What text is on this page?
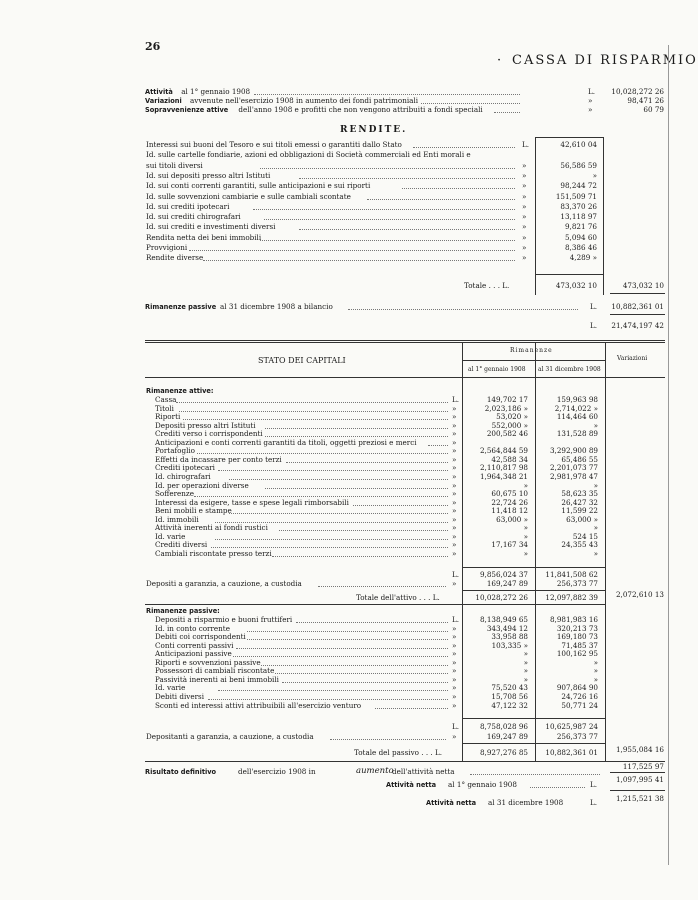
26
CASSA DI RISPARMIO
·
Attività al 1° gennaio 1908	L. 10,028,272 26
Variazioni avvenute nell'esercizio 1908 in aumento dei fondi patrimoniali	»	98,471 26
Sopravvenienze attive dell'anno 1908 e profitti che non vengono attribuiti a fondi speciali	»	60 79
RENDITE.
Interessi sui buoni del Tesoro e sui titoli emessi o garantiti dallo Stato	L.	42,610 04
Id. sulle cartelle fondiarie, azioni ed obbligazioni di Società commerciali ed Enti morali e
sui titoli diversi	»	56,586 59
Id. sui depositi presso altri Istituti	»	»
Id. sui conti correnti garantiti, sulle anticipazioni e sui riporti	»	98,244 72
Id. sulle sovvenzioni cambiarie e sulle cambiali scontate	»	151,509 71
Id. sui crediti ipotecari	»	83,370 26
Id. sui crediti chirografari	»	13,118 97
Id. sui crediti e investimenti diversi	»	9,821 76
Rendita netta dei beni immobili	»	5,094 60
Provvigioni	»	8,386 46
Rendite diverse	»	4,289 »
Totale . . . L.	473,032 10	473,032 10
Rimanenze passive al 31 dicembre 1908 a bilancio	L. 10,882,361 01
L. 21,474,197 42
STATO DEI CAPITALI
Rimanenze
al 1° gennaio 1908 al 31 dicembre 1908
Variazioni
Rimanenze attive:
Cassa	L.	149,702 17	159,963 98
Titoli	»	2,023,186 »	2,714,022 »
Riporti	»	53,020 »	114,464 60
Depositi presso altri Istituti	»	552,000 »	»
Crediti verso i corrispondenti	»	200,582 46	131,528 89
Anticipazioni e conti correnti garantiti da titoli, oggetti preziosi e merci	»
Portafoglio	»	2,564,844 59	3,292,900 89
Effetti da incassare per conto terzi	»	42,588 34	65,486 55
Crediti ipotecari	»	2,110,817 98	2,201,073 77
Id. chirografari	»	1,964,348 21	2,981,978 47
Id. per operazioni diverse	»	»	»
Sofferenze	»	60,675 10	58,623 35
Interessi da esigere, tasse e spese legali rimborsabili	»	22,724 26	26,427 32
Beni mobili e stampe	»	11,418 12	11,599 22
Id. immobili	»	63,000 »	63,000 »
Attività inerenti ai fondi rustici	»	»	»
Id. varie	»	»	524 15
Crediti diversi	»	17,167 34	24,355 43
Cambiali riscontate presso terzi	»	»	»
L.	9,856,024 37 11,841,508 62
Depositi a garanzia, a cauzione, a custodia	»	169,247 89	256,373 77
Totale dell'attivo . . . L.	10,028,272 26 12,097,882 39 2,072,610 13
Rimanenze passive:
Depositi a risparmio e buoni fruttiferi	L.	8,138,949 65	8,981,983 16
Id. in conto corrente	»	343,494 12	320,213 73
Debiti coi corrispondenti	»	33,958 88	169,180 73
Conti correnti passivi	»	103,335 »	71,485 37
Anticipazioni passive	»	»	100,162 95
Riporti e sovvenzioni passive	»	»	»
Possessori di cambiali riscontate	»	»	»
Passività inerenti ai beni immobili	»	»	»
Id. varie	»	75,520 43	907,864 90
Debiti diversi	»	15,708 56	24,726 16
Sconti ed interessi attivi attribuibili all'esercizio venturo	»	47,122 32	50,771 24
L.	8,758,028 96 10,625,987 24
Depositanti a garanzia, a cauzione, a custodia	»	169,247 89	256,373 77
Totale del passivo . . . L.	8,927,276 85 10,882,361 01 1,955,084 16
Risultato definitivo	dell'esercizio 1908 in	aumento
dell'attività netta
117,525 97
Attività netta al 1° gennaio 1908	L.
1,097,995 41
Attività netta al 31 dicembre 1908	L.	1,215,521 38
